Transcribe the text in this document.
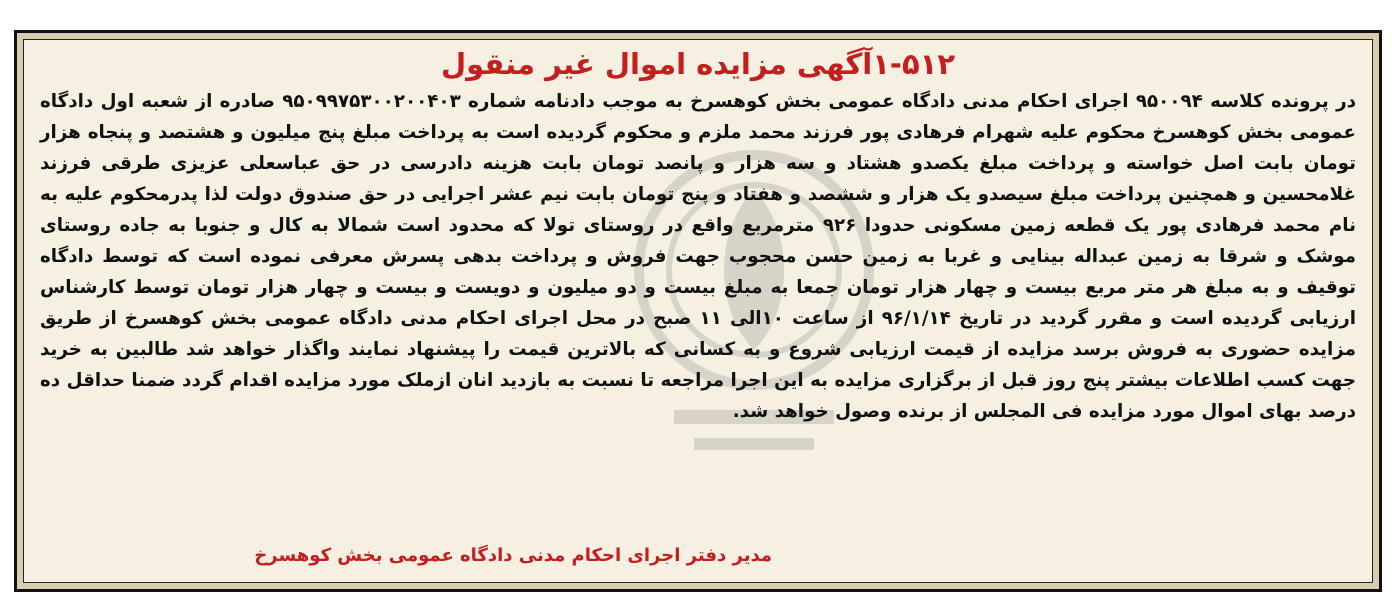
۱-۵۱۲آگهی مزایده اموال غیر منقول

در پرونده کلاسه ۹۵۰۰۹۴ اجرای احکام مدنی دادگاه عمومی بخش کوهسرخ به موجب دادنامه شماره ۹۵۰۹۹۷۵۳۰۰۲۰۰۴۰۳ صادره از شعبه اول دادگاه عمومی بخش کوهسرخ محکوم علیه شهرام فرهادی پور فرزند محمد ملزم و محکوم گردیده است به پرداخت مبلغ پنج میلیون و هشتصد و پنجاه هزار تومان بابت اصل خواسته و پرداخت مبلغ یکصدو هشتاد و سه هزار و پانصد تومان بابت هزینه دادرسی در حق عباسعلی عزیزی طرقی فرزند غلامحسین و همچنین پرداخت مبلغ سیصدو یک هزار و ششصد و هفتاد و پنج تومان بابت نیم عشر اجرایی در حق صندوق دولت لذا پدرمحکوم علیه به نام محمد فرهادی پور یک قطعه زمین مسکونی حدودا ۹۲۶ مترمربع واقع در روستای تولا که محدود است شمالا به کال و جنوبا به جاده روستای موشک و شرقا به زمین عبداله بینایی و غربا به زمین حسن محجوب جهت فروش و پرداخت بدهی پسرش معرفی نموده است که توسط دادگاه توقیف و به مبلغ هر متر مربع بیست و چهار هزار تومان جمعا به مبلغ بیست و دو میلیون و دویست و بیست و چهار هزار تومان توسط کارشناس ارزیابی گردیده است و مقرر گردید در تاریخ ۹۶/۱/۱۴ از ساعت ۱۰الی ۱۱ صبح در محل اجرای احکام مدنی دادگاه عمومی بخش کوهسرخ از طریق مزایده حضوری به فروش برسد مزایده از قیمت ارزیابی شروع و به کسانی که بالاترین قیمت را پیشنهاد نمایند واگذار خواهد شد طالبین به خرید جهت کسب اطلاعات بیشتر پنج روز قبل از برگزاری مزایده به این اجرا مراجعه تا نسبت به بازدید انان ازملک مورد مزایده اقدام گردد ضمنا حداقل ده درصد بهای اموال مورد مزایده فی المجلس از برنده وصول خواهد شد.

مدیر دفتر اجرای احکام مدنی دادگاه عمومی بخش کوهسرخ
